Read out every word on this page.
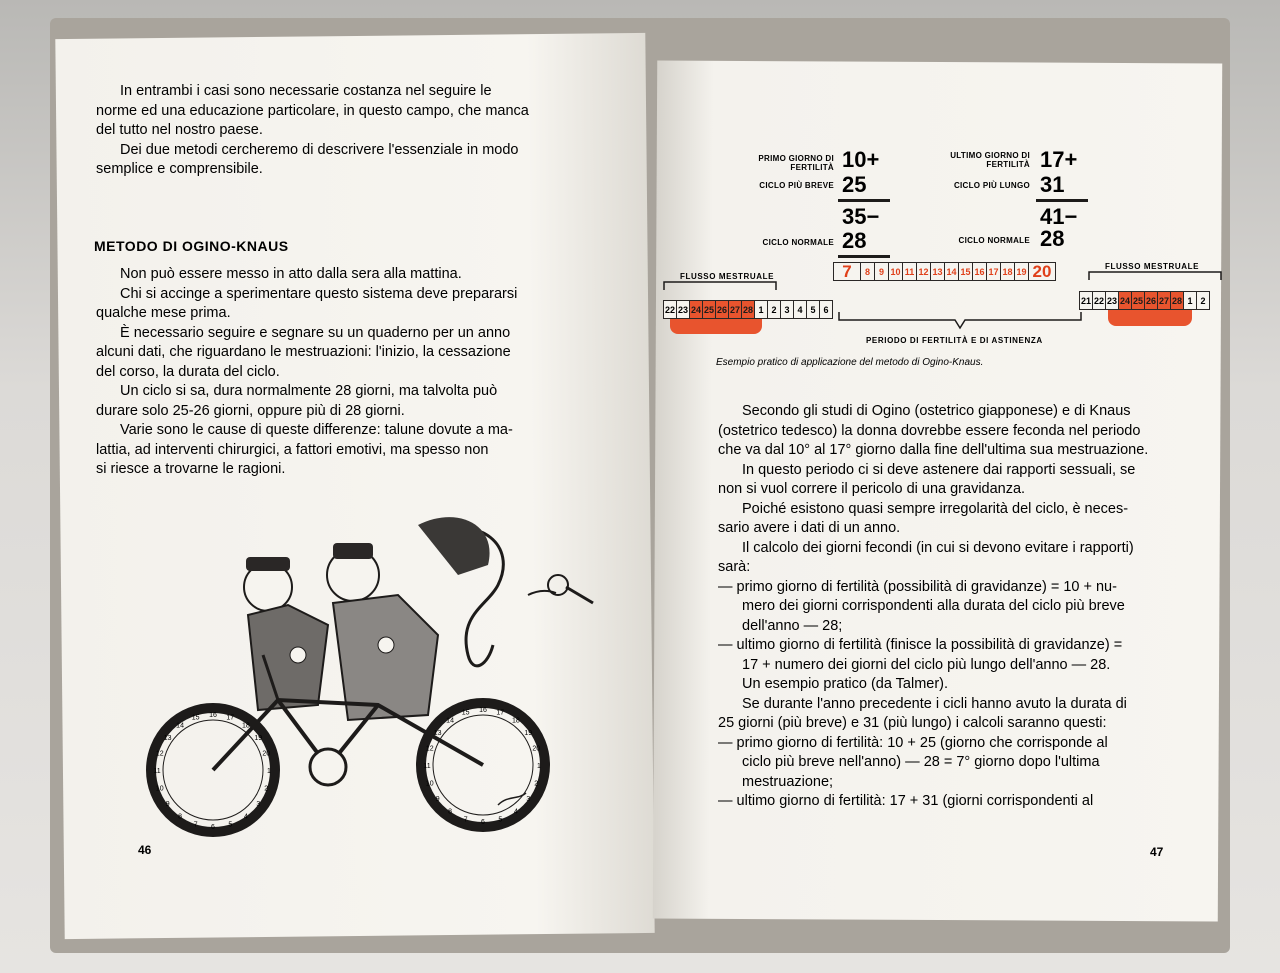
In entrambi i casi sono necessarie costanza nel seguire le

norme ed una educazione particolare, in questo campo, che manca

del tutto nel nostro paese.

Dei due metodi cercheremo di descrivere l'essenziale in modo

semplice e comprensibile.

METODO DI OGINO-KNAUS

Non può essere messo in atto dalla sera alla mattina.

Chi si accinge a sperimentare questo sistema deve prepararsi

qualche mese prima.

È necessario seguire e segnare su un quaderno per un anno

alcuni dati, che riguardano le mestruazioni: l'inizio, la cessazione

del corso, la durata del ciclo.

Un ciclo si sa, dura normalmente 28 giorni, ma talvolta può

durare solo 25-26 giorni, oppure più di 28 giorni.

Varie sono le cause di queste differenze: talune dovute a ma-

lattia, ad interventi chirurgici, a fattori emotivi, ma spesso non

si riesce a trovarne le ragioni.

1
2
3
4
5
6
7
8
9
10
11
12
13
14
15 16 17
18
19
20
1
2
3
4
5
6
7
8
9
10
11
12
13
14
15 16 17
18
19
20
46
PRIMO GIORNO DI FERTILITÀ 10+
CICLO PIÙ BREVE 25
35−
CICLO NORMALE 28
ULTIMO GIORNO DI FERTILITÀ 17+
CICLO PIÙ LUNGO 31
41−
CICLO NORMALE 28
FLUSSO MESTRUALE
FLUSSO MESTRUALE
22 23 24 25 26 27 28 1 2 3 4 5 6
7	8 9 10 11 12 13 14 15 16 17 18 19 20
21 22 23 24 25 26 27 28 1 2
PERIODO DI FERTILITÀ E DI ASTINENZA
Esempio pratico di applicazione del metodo di Ogino-Knaus.

Secondo gli studi di Ogino (ostetrico giapponese) e di Knaus

(ostetrico tedesco) la donna dovrebbe essere feconda nel periodo

che va dal 10° al 17° giorno dalla fine dell'ultima sua mestruazione.

In questo periodo ci si deve astenere dai rapporti sessuali, se

non si vuol correre il pericolo di una gravidanza.

Poiché esistono quasi sempre irregolarità del ciclo, è neces-

sario avere i dati di un anno.

Il calcolo dei giorni fecondi (in cui si devono evitare i rapporti)

sarà:

— primo giorno di fertilità (possibilità di gravidanze) = 10 + nu-

mero dei giorni corrispondenti alla durata del ciclo più breve

dell'anno — 28;

— ultimo giorno di fertilità (finisce la possibilità di gravidanze) =

17 + numero dei giorni del ciclo più lungo dell'anno — 28.

Un esempio pratico (da Talmer).

Se durante l'anno precedente i cicli hanno avuto la durata di

25 giorni (più breve) e 31 (più lungo) i calcoli saranno questi:

— primo giorno di fertilità: 10 + 25 (giorno che corrisponde al

ciclo più breve nell'anno) — 28 = 7° giorno dopo l'ultima

mestruazione;

— ultimo giorno di fertilità: 17 + 31 (giorni corrispondenti al

47
